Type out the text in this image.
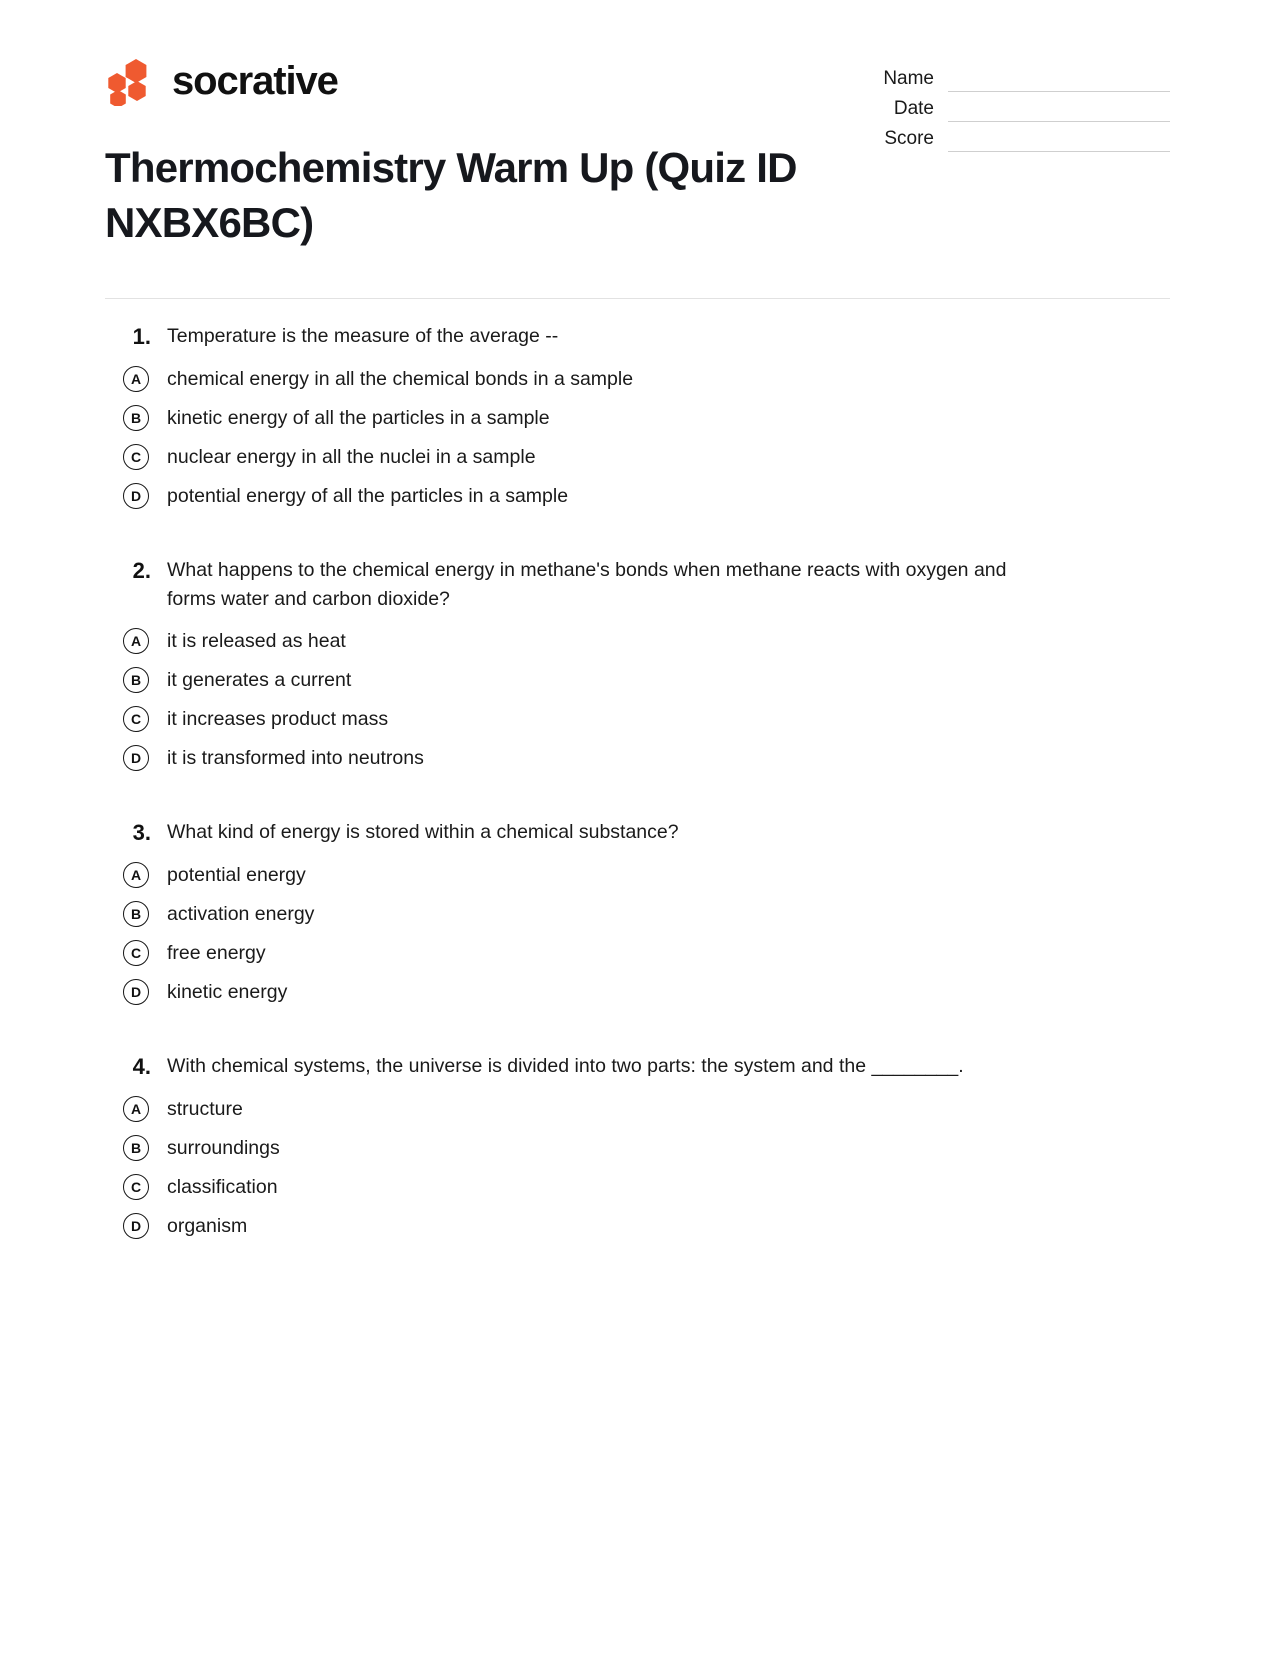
socrative
Thermochemistry Warm Up (Quiz ID NXBX6BC)
Name
Date
Score
1. Temperature is the measure of the average --
A	chemical energy in all the chemical bonds in a sample
B	kinetic energy of all the particles in a sample
C	nuclear energy in all the nuclei in a sample
D	potential energy of all the particles in a sample
2. What happens to the chemical energy in methane's bonds when methane reacts with oxygen and forms water and carbon dioxide?
A	it is released as heat
B	it generates a current
C	it increases product mass
D	it is transformed into neutrons
3. What kind of energy is stored within a chemical substance?
A	potential energy
B	activation energy
C	free energy
D	kinetic energy
4. With chemical systems, the universe is divided into two parts: the system and the ________.
A	structure
B	surroundings
C	classification
D	organism
